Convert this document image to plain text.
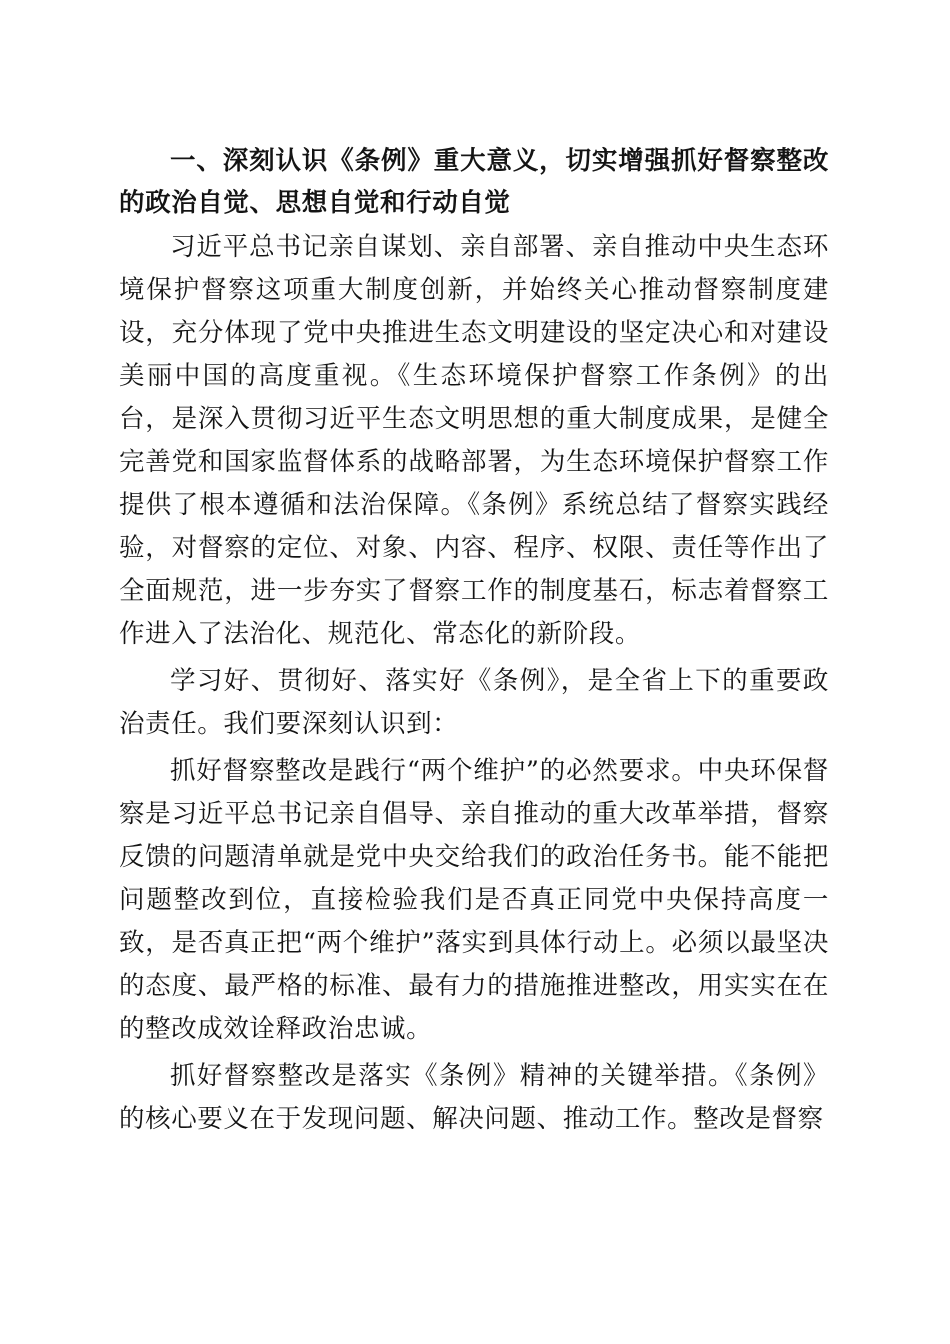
一、深刻认识《条例》重大意义，切实增强抓好督察整改的政治自觉、思想自觉和行动自觉

习近平总书记亲自谋划、亲自部署、亲自推动中央生态环境保护督察这项重大制度创新，并始终关心推动督察制度建设，充分体现了党中央推进生态文明建设的坚定决心和对建设美丽中国的高度重视。《生态环境保护督察工作条例》的出台，是深入贯彻习近平生态文明思想的重大制度成果，是健全完善党和国家监督体系的战略部署，为生态环境保护督察工作提供了根本遵循和法治保障。《条例》系统总结了督察实践经验，对督察的定位、对象、内容、程序、权限、责任等作出了全面规范，进一步夯实了督察工作的制度基石，标志着督察工作进入了法治化、规范化、常态化的新阶段。

学习好、贯彻好、落实好《条例》，是全省上下的重要政治责任。我们要深刻认识到：

抓好督察整改是践行“两个维护”的必然要求。中央环保督察是习近平总书记亲自倡导、亲自推动的重大改革举措，督察反馈的问题清单就是党中央交给我们的政治任务书。能不能把问题整改到位，直接检验我们是否真正同党中央保持高度一致，是否真正把“两个维护”落实到具体行动上。必须以最坚决的态度、最严格的标准、最有力的措施推进整改，用实实在在的整改成效诠释政治忠诚。

抓好督察整改是落实《条例》精神的关键举措。《条例》的核心要义在于发现问题、解决问题、推动工作。整改是督察
